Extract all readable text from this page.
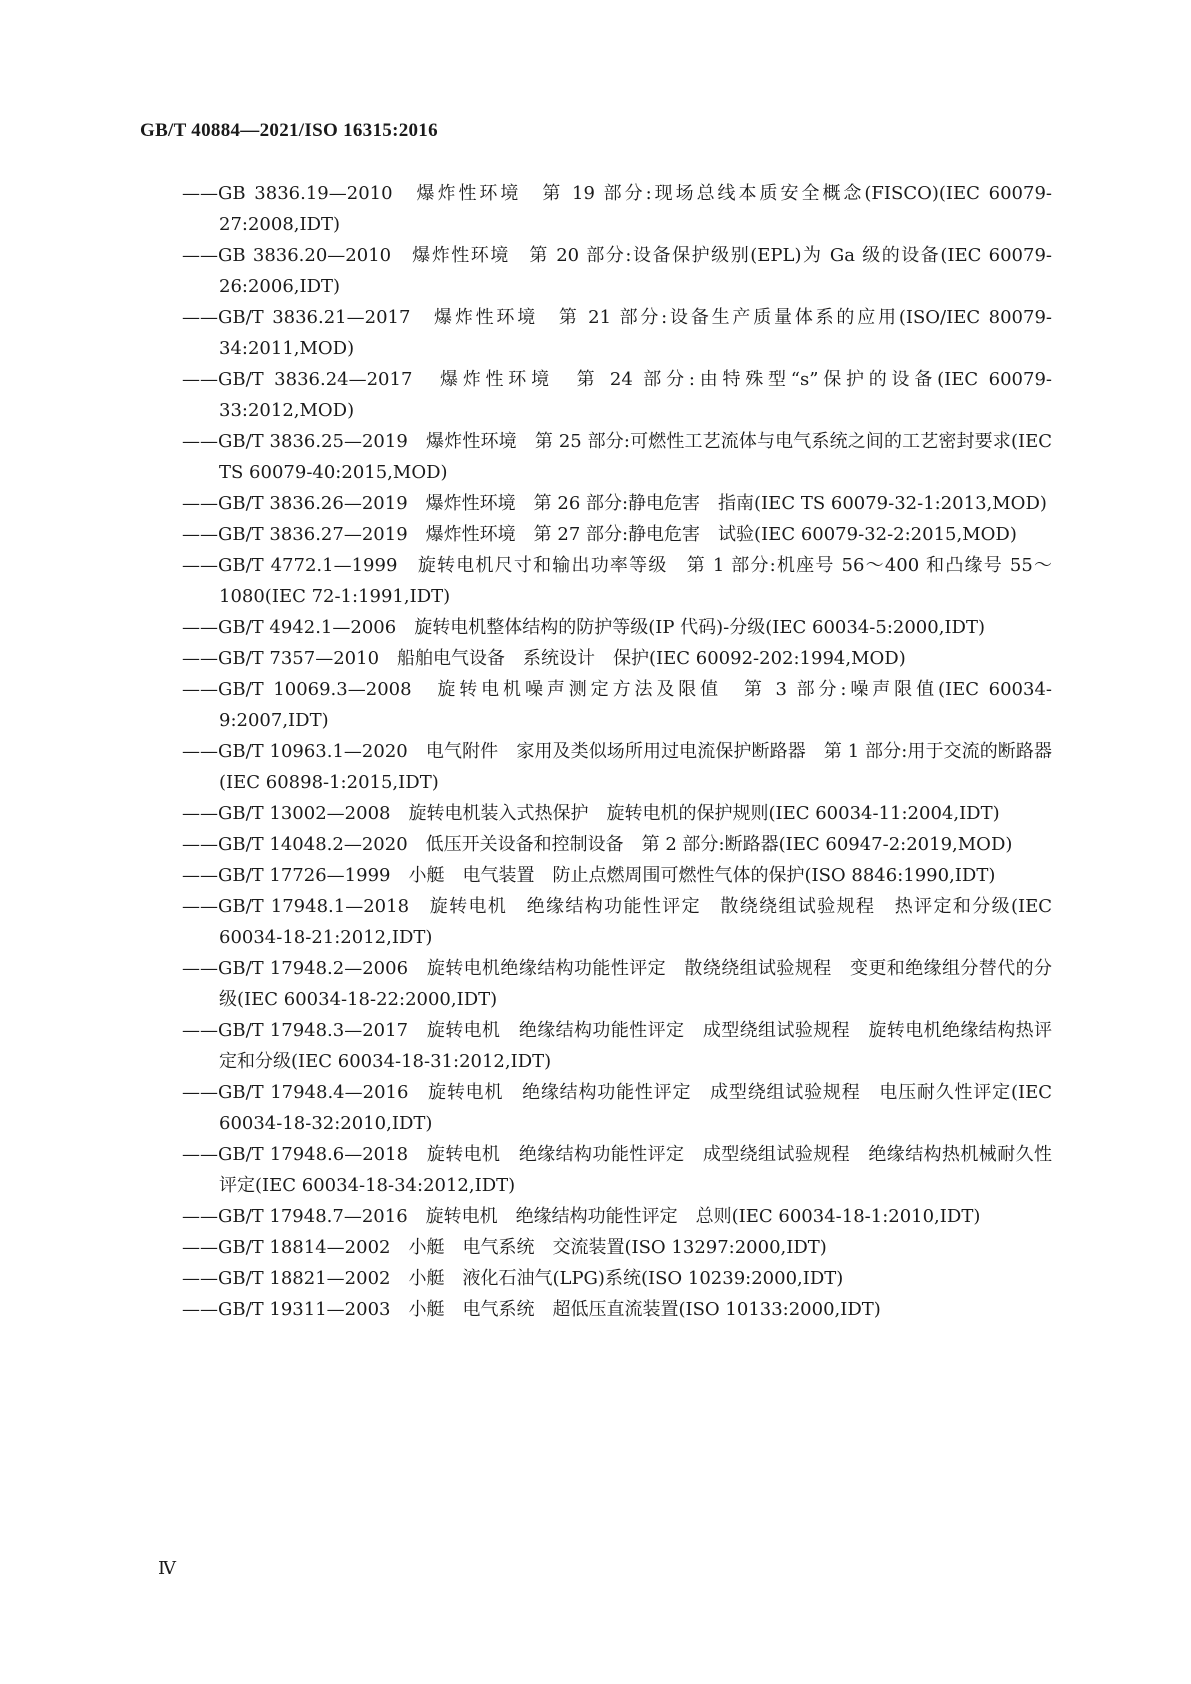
GB/T 40884—2021/ISO 16315:2016
——GB 3836.19—2010　爆炸性环境　第 19 部分:现场总线本质安全概念(FISCO)(IEC 60079-27:2008,IDT)
——GB 3836.20—2010　爆炸性环境　第 20 部分:设备保护级别(EPL)为 Ga 级的设备(IEC 60079-26:2006,IDT)
——GB/T 3836.21—2017　爆炸性环境　第 21 部分:设备生产质量体系的应用(ISO/IEC 80079-34:2011,MOD)
——GB/T 3836.24—2017　爆炸性环境　第 24 部分:由特殊型“s”保护的设备(IEC 60079-33:2012,MOD)
——GB/T 3836.25—2019　爆炸性环境　第 25 部分:可燃性工艺流体与电气系统之间的工艺密封要求(IEC TS 60079-40:2015,MOD)
——GB/T 3836.26—2019　爆炸性环境　第 26 部分:静电危害　指南(IEC TS 60079-32-1:2013,MOD)
——GB/T 3836.27—2019　爆炸性环境　第 27 部分:静电危害　试验(IEC 60079-32-2:2015,MOD)
——GB/T 4772.1—1999　旋转电机尺寸和输出功率等级　第 1 部分:机座号 56～400 和凸缘号 55～1080(IEC 72-1:1991,IDT)
——GB/T 4942.1—2006　旋转电机整体结构的防护等级(IP 代码)-分级(IEC 60034-5:2000,IDT)
——GB/T 7357—2010　船舶电气设备　系统设计　保护(IEC 60092-202:1994,MOD)
——GB/T 10069.3—2008　旋转电机噪声测定方法及限值　第 3 部分:噪声限值(IEC 60034-9:2007,IDT)
——GB/T 10963.1—2020　电气附件　家用及类似场所用过电流保护断路器　第 1 部分:用于交流的断路器(IEC 60898-1:2015,IDT)
——GB/T 13002—2008　旋转电机装入式热保护　旋转电机的保护规则(IEC 60034-11:2004,IDT)
——GB/T 14048.2—2020　低压开关设备和控制设备　第 2 部分:断路器(IEC 60947-2:2019,MOD)
——GB/T 17726—1999　小艇　电气装置　防止点燃周围可燃性气体的保护(ISO 8846:1990,IDT)
——GB/T 17948.1—2018　旋转电机　绝缘结构功能性评定　散绕绕组试验规程　热评定和分级(IEC 60034-18-21:2012,IDT)
——GB/T 17948.2—2006　旋转电机绝缘结构功能性评定　散绕绕组试验规程　变更和绝缘组分替代的分级(IEC 60034-18-22:2000,IDT)
——GB/T 17948.3—2017　旋转电机　绝缘结构功能性评定　成型绕组试验规程　旋转电机绝缘结构热评定和分级(IEC 60034-18-31:2012,IDT)
——GB/T 17948.4—2016　旋转电机　绝缘结构功能性评定　成型绕组试验规程　电压耐久性评定(IEC 60034-18-32:2010,IDT)
——GB/T 17948.6—2018　旋转电机　绝缘结构功能性评定　成型绕组试验规程　绝缘结构热机械耐久性评定(IEC 60034-18-34:2012,IDT)
——GB/T 17948.7—2016　旋转电机　绝缘结构功能性评定　总则(IEC 60034-18-1:2010,IDT)
——GB/T 18814—2002　小艇　电气系统　交流装置(ISO 13297:2000,IDT)
——GB/T 18821—2002　小艇　液化石油气(LPG)系统(ISO 10239:2000,IDT)
——GB/T 19311—2003　小艇　电气系统　超低压直流装置(ISO 10133:2000,IDT)
Ⅳ
